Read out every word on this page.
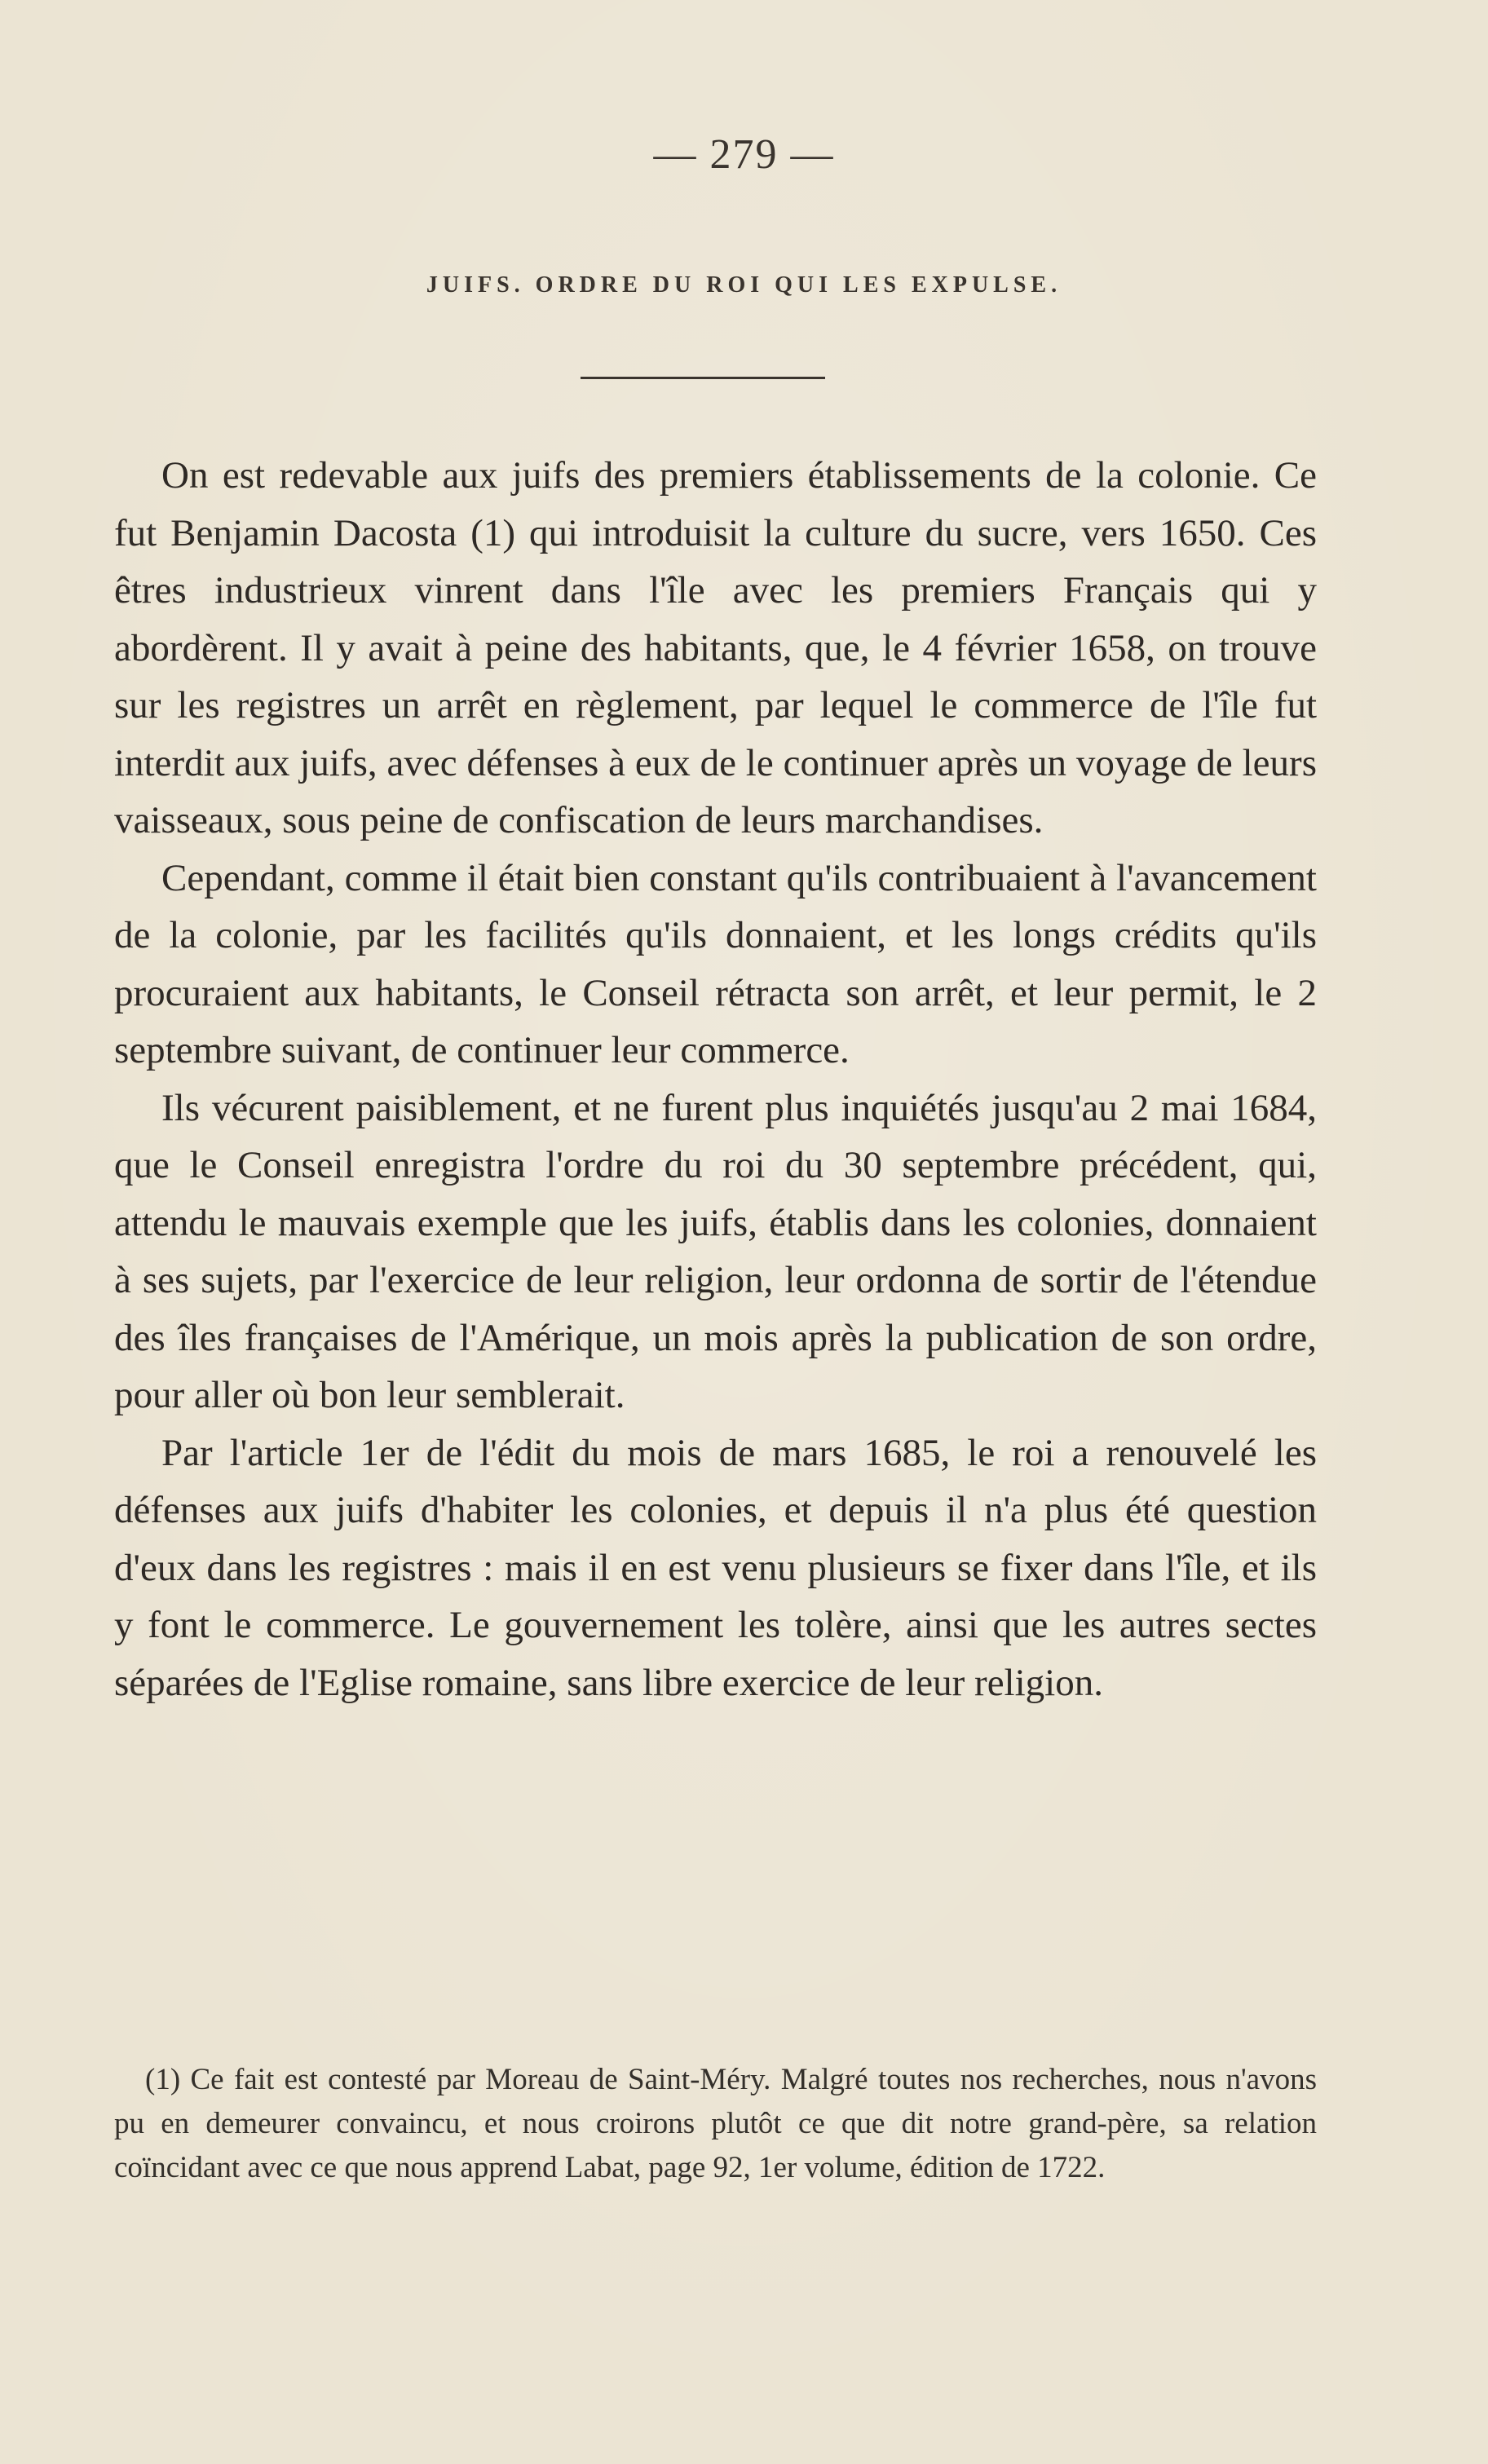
— 279 —
JUIFS. ORDRE DU ROI QUI LES EXPULSE.

On est redevable aux juifs des premiers établissements de la colonie. Ce fut Benjamin Dacosta (1) qui introduisit la culture du sucre, vers 1650. Ces êtres industrieux vinrent dans l'île avec les premiers Français qui y abordèrent. Il y avait à peine des habitants, que, le 4 février 1658, on trouve sur les registres un arrêt en règlement, par lequel le commerce de l'île fut interdit aux juifs, avec défenses à eux de le continuer après un voyage de leurs vaisseaux, sous peine de confiscation de leurs marchandises.

Cependant, comme il était bien constant qu'ils contribuaient à l'avancement de la colonie, par les facilités qu'ils donnaient, et les longs crédits qu'ils procuraient aux habitants, le Conseil rétracta son arrêt, et leur permit, le 2 septembre suivant, de continuer leur commerce.

Ils vécurent paisiblement, et ne furent plus inquiétés jusqu'au 2 mai 1684, que le Conseil enregistra l'ordre du roi du 30 septembre précédent, qui, attendu le mauvais exemple que les juifs, établis dans les colonies, donnaient à ses sujets, par l'exercice de leur religion, leur ordonna de sortir de l'étendue des îles françaises de l'Amérique, un mois après la publication de son ordre, pour aller où bon leur semblerait.

Par l'article 1er de l'édit du mois de mars 1685, le roi a renouvelé les défenses aux juifs d'habiter les colonies, et depuis il n'a plus été question d'eux dans les registres : mais il en est venu plusieurs se fixer dans l'île, et ils y font le commerce. Le gouvernement les tolère, ainsi que les autres sectes séparées de l'Eglise romaine, sans libre exercice de leur religion.

(1) Ce fait est contesté par Moreau de Saint-Méry. Malgré toutes nos recherches, nous n'avons pu en demeurer convaincu, et nous croirons plutôt ce que dit notre grand-père, sa relation coïncidant avec ce que nous apprend Labat, page 92, 1er volume, édition de 1722.
